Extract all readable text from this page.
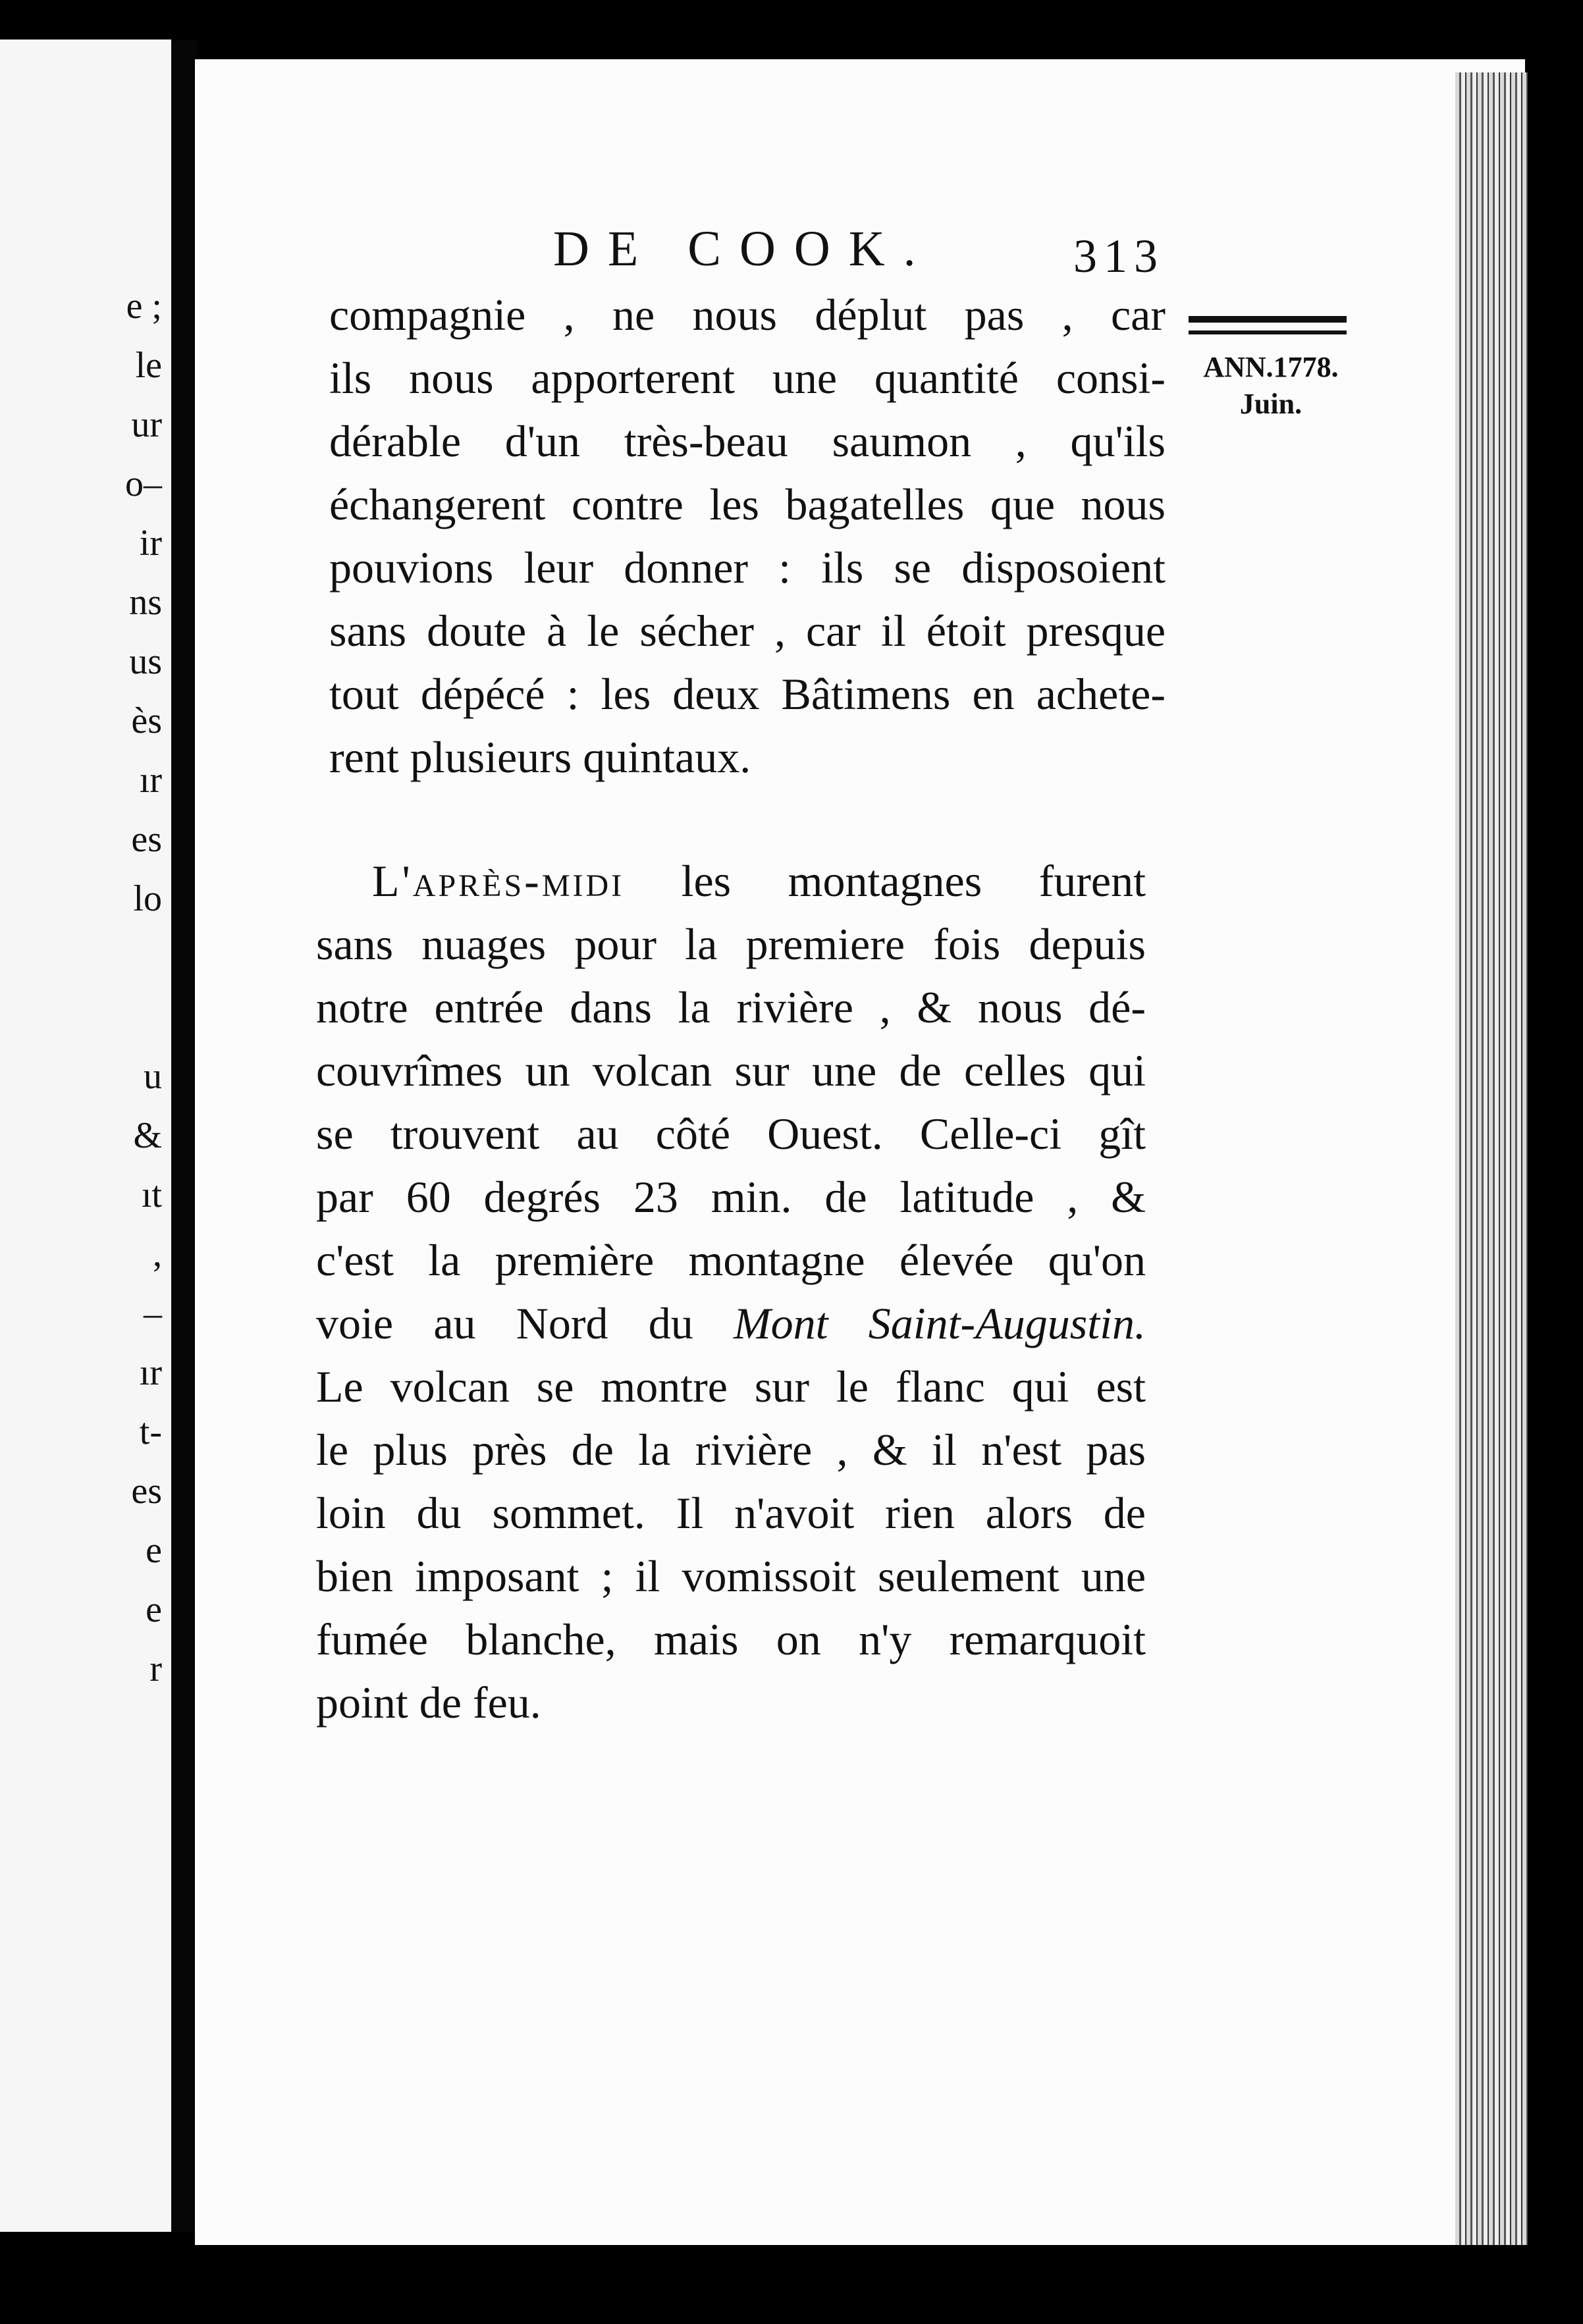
e ;
le
ur
o–
ir
ns
us
ès
ır
es
lo
u
&
ıt
,
–
ır
t-
es
e
e
r
DE COOK.	313
ANN.1778.
Juin.
compagnie , ne nous déplut pas , car
ils nous apporterent une quantité consi-
dérable d'un très-beau saumon , qu'ils
échangerent contre les bagatelles que nous
pouvions leur donner : ils se disposoient
sans doute à le sécher , car il étoit presque
tout dépécé : les deux Bâtimens en achete-
rent plusieurs quintaux.
L'après-midi les montagnes furent
sans nuages pour la premiere fois depuis
notre entrée dans la rivière , & nous dé-
couvrîmes un volcan sur une de celles qui
se trouvent au côté Ouest. Celle-ci gît
par 60 degrés 23 min. de latitude , &
c'est la première montagne élevée qu'on
voie au Nord du Mont Saint-Augustin.
Le volcan se montre sur le flanc qui est
le plus près de la rivière , & il n'est pas
loin du sommet. Il n'avoit rien alors de
bien imposant ; il vomissoit seulement une
fumée blanche, mais on n'y remarquoit
point de feu.
